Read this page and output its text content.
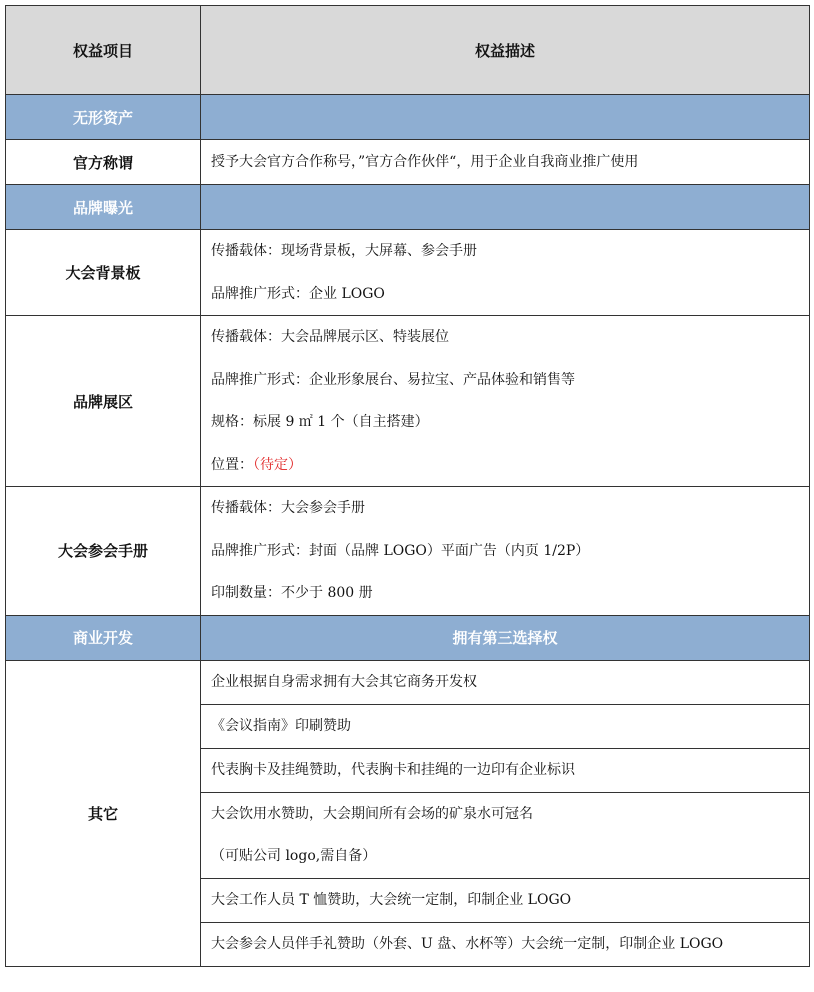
权益项目	权益描述
无形资产	
官方称谓	授予大会官方合作称号，”官方合作伙伴“，用于企业自我商业推广使用

品牌曝光	
大会背景板	传播载体：现场背景板，大屏幕、参会手册
品牌推广形式：企业 LOGO

品牌展区	传播载体：大会品牌展示区、特装展位
品牌推广形式：企业形象展台、易拉宝、产品体验和销售等
规格：标展 9 ㎡ 1 个（自主搭建）
位置：（待定）

大会参会手册	传播载体：大会参会手册
品牌推广形式：封面（品牌 LOGO）平面广告（内页 1/2P）
印制数量：不少于 800 册

商业开发	拥有第三选择权
其它	企业根据自身需求拥有大会其它商务开发权

	《会议指南》印刷赞助

	代表胸卡及挂绳赞助，代表胸卡和挂绳的一边印有企业标识

	大会饮用水赞助，大会期间所有会场的矿泉水可冠名
（可贴公司 logo,需自备）

	大会工作人员 T 恤赞助，大会统一定制，印制企业 LOGO

	大会参会人员伴手礼赞助（外套、U 盘、水杯等）大会统一定制，印制企业 LOGO
